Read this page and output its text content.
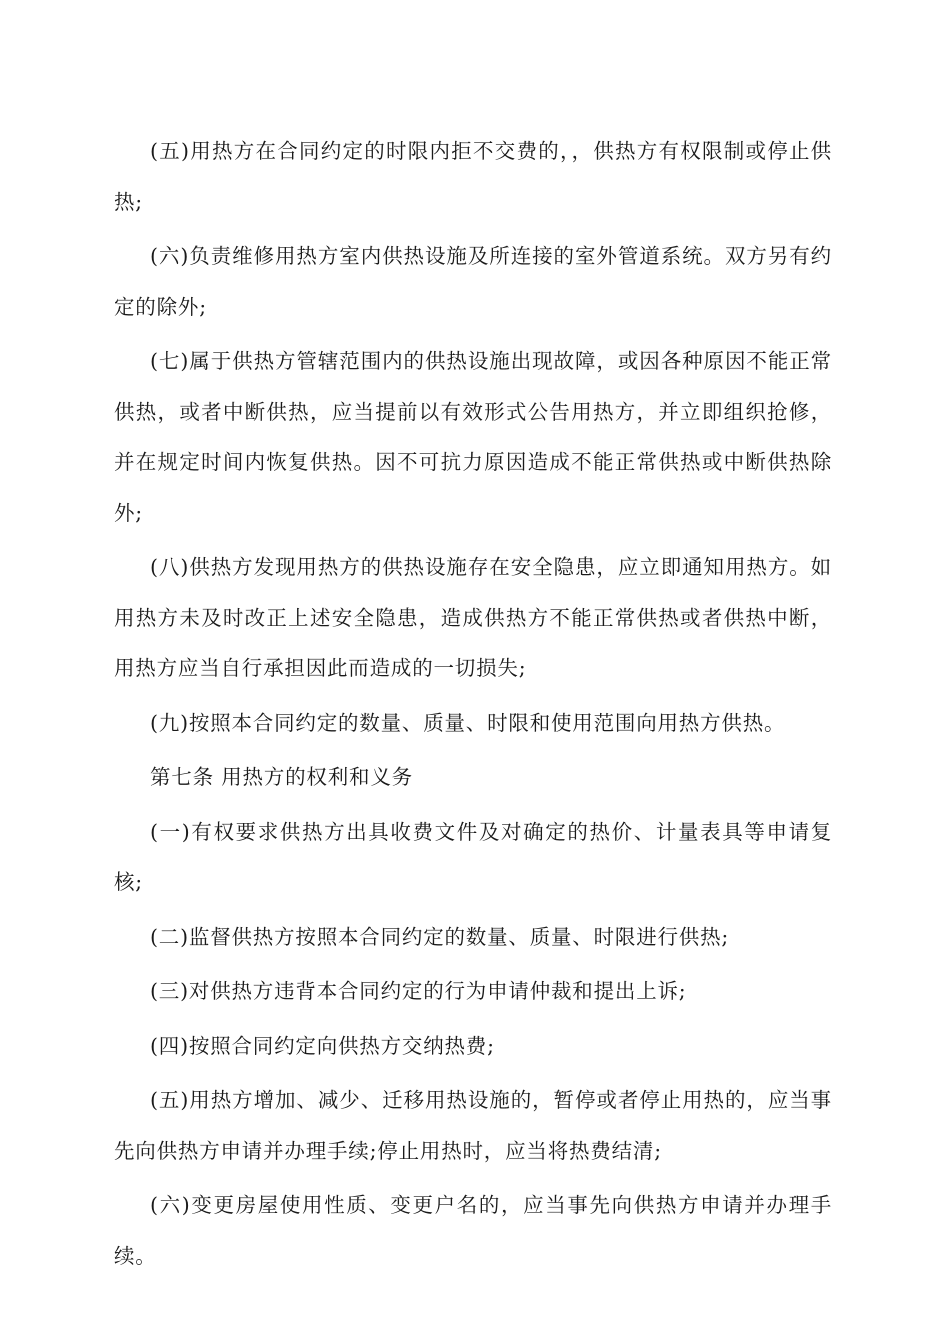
(五)用热方在合同约定的时限内拒不交费的，，供热方有权限制或停止供热;

(六)负责维修用热方室内供热设施及所连接的室外管道系统。双方另有约定的除外;

(七)属于供热方管辖范围内的供热设施出现故障，或因各种原因不能正常供热，或者中断供热，应当提前以有效形式公告用热方，并立即组织抢修，并在规定时间内恢复供热。因不可抗力原因造成不能正常供热或中断供热除外;

(八)供热方发现用热方的供热设施存在安全隐患，应立即通知用热方。如用热方未及时改正上述安全隐患，造成供热方不能正常供热或者供热中断，用热方应当自行承担因此而造成的一切损失;

(九)按照本合同约定的数量、质量、时限和使用范围向用热方供热。

第七条 用热方的权利和义务

(一)有权要求供热方出具收费文件及对确定的热价、计量表具等申请复核;

(二)监督供热方按照本合同约定的数量、质量、时限进行供热;

(三)对供热方违背本合同约定的行为申请仲裁和提出上诉;

(四)按照合同约定向供热方交纳热费;

(五)用热方增加、减少、迁移用热设施的，暂停或者停止用热的，应当事先向供热方申请并办理手续;停止用热时，应当将热费结清;

(六)变更房屋使用性质、变更户名的，应当事先向供热方申请并办理手续。
